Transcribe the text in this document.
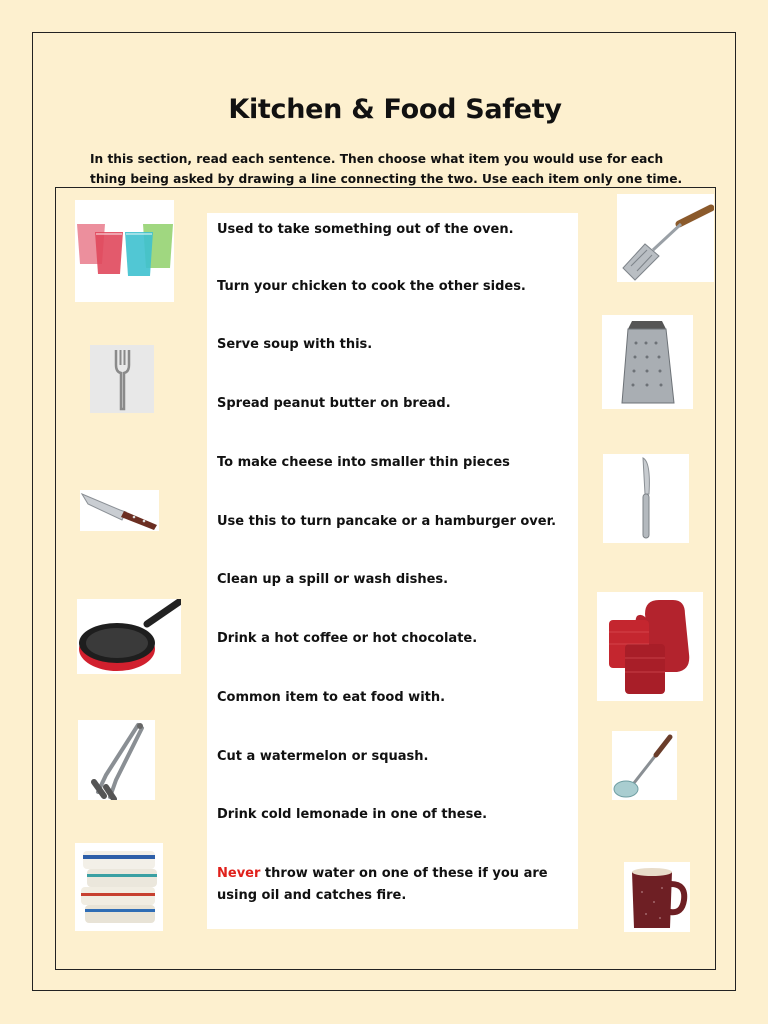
Kitchen & Food Safety
In this section, read each sentence. Then choose what item you would use for each thing being asked by drawing a line connecting the two. Use each item only one time.
Used to take something out of the oven.
Turn your chicken to cook the other sides.
Serve soup with this.
Spread peanut butter on bread.
To make cheese into smaller thin pieces
Use this to turn pancake or a hamburger over.
Clean up a spill or wash dishes.
Drink a hot coffee or hot chocolate.
Common item to eat food with.
Cut a watermelon or squash.
Drink cold lemonade in one of these.
Never throw water on one of these if you are
using oil and catches fire.
